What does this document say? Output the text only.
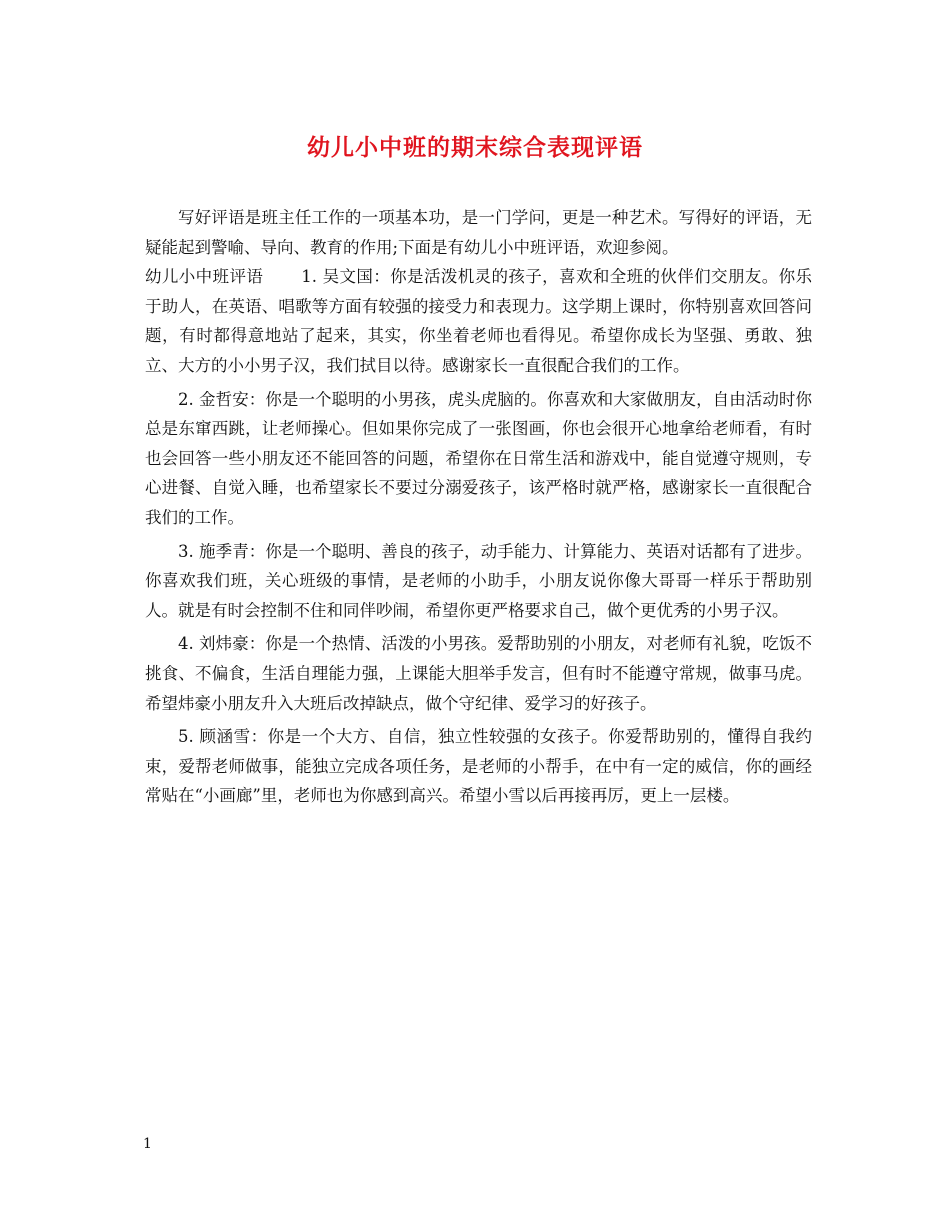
幼儿小中班的期末综合表现评语

写好评语是班主任工作的一项基本功，是一门学问，更是一种艺术。写得好的评语，无疑能起到警喻、导向、教育的作用;下面是有幼儿小中班评语，欢迎参阅。

幼儿小中班评语 1. 吴文国：你是活泼机灵的孩子，喜欢和全班的伙伴们交朋友。你乐于助人，在英语、唱歌等方面有较强的接受力和表现力。这学期上课时，你特别喜欢回答问题，有时都得意地站了起来，其实，你坐着老师也看得见。希望你成长为坚强、勇敢、独立、大方的小小男子汉，我们拭目以待。感谢家长一直很配合我们的工作。

2. 金哲安：你是一个聪明的小男孩，虎头虎脑的。你喜欢和大家做朋友，自由活动时你总是东窜西跳，让老师操心。但如果你完成了一张图画，你也会很开心地拿给老师看，有时也会回答一些小朋友还不能回答的问题，希望你在日常生活和游戏中，能自觉遵守规则，专心进餐、自觉入睡，也希望家长不要过分溺爱孩子，该严格时就严格，感谢家长一直很配合我们的工作。

3. 施季青：你是一个聪明、善良的孩子，动手能力、计算能力、英语对话都有了进步。你喜欢我们班，关心班级的事情，是老师的小助手，小朋友说你像大哥哥一样乐于帮助别人。就是有时会控制不住和同伴吵闹，希望你更严格要求自己，做个更优秀的小男子汉。

4. 刘炜豪：你是一个热情、活泼的小男孩。爱帮助别的小朋友，对老师有礼貌，吃饭不挑食、不偏食，生活自理能力强，上课能大胆举手发言，但有时不能遵守常规，做事马虎。希望炜豪小朋友升入大班后改掉缺点，做个守纪律、爱学习的好孩子。

5. 顾涵雪：你是一个大方、自信，独立性较强的女孩子。你爱帮助别的，懂得自我约束，爱帮老师做事，能独立完成各项任务，是老师的小帮手，在中有一定的威信，你的画经常贴在“小画廊”里，老师也为你感到高兴。希望小雪以后再接再厉，更上一层楼。

1
